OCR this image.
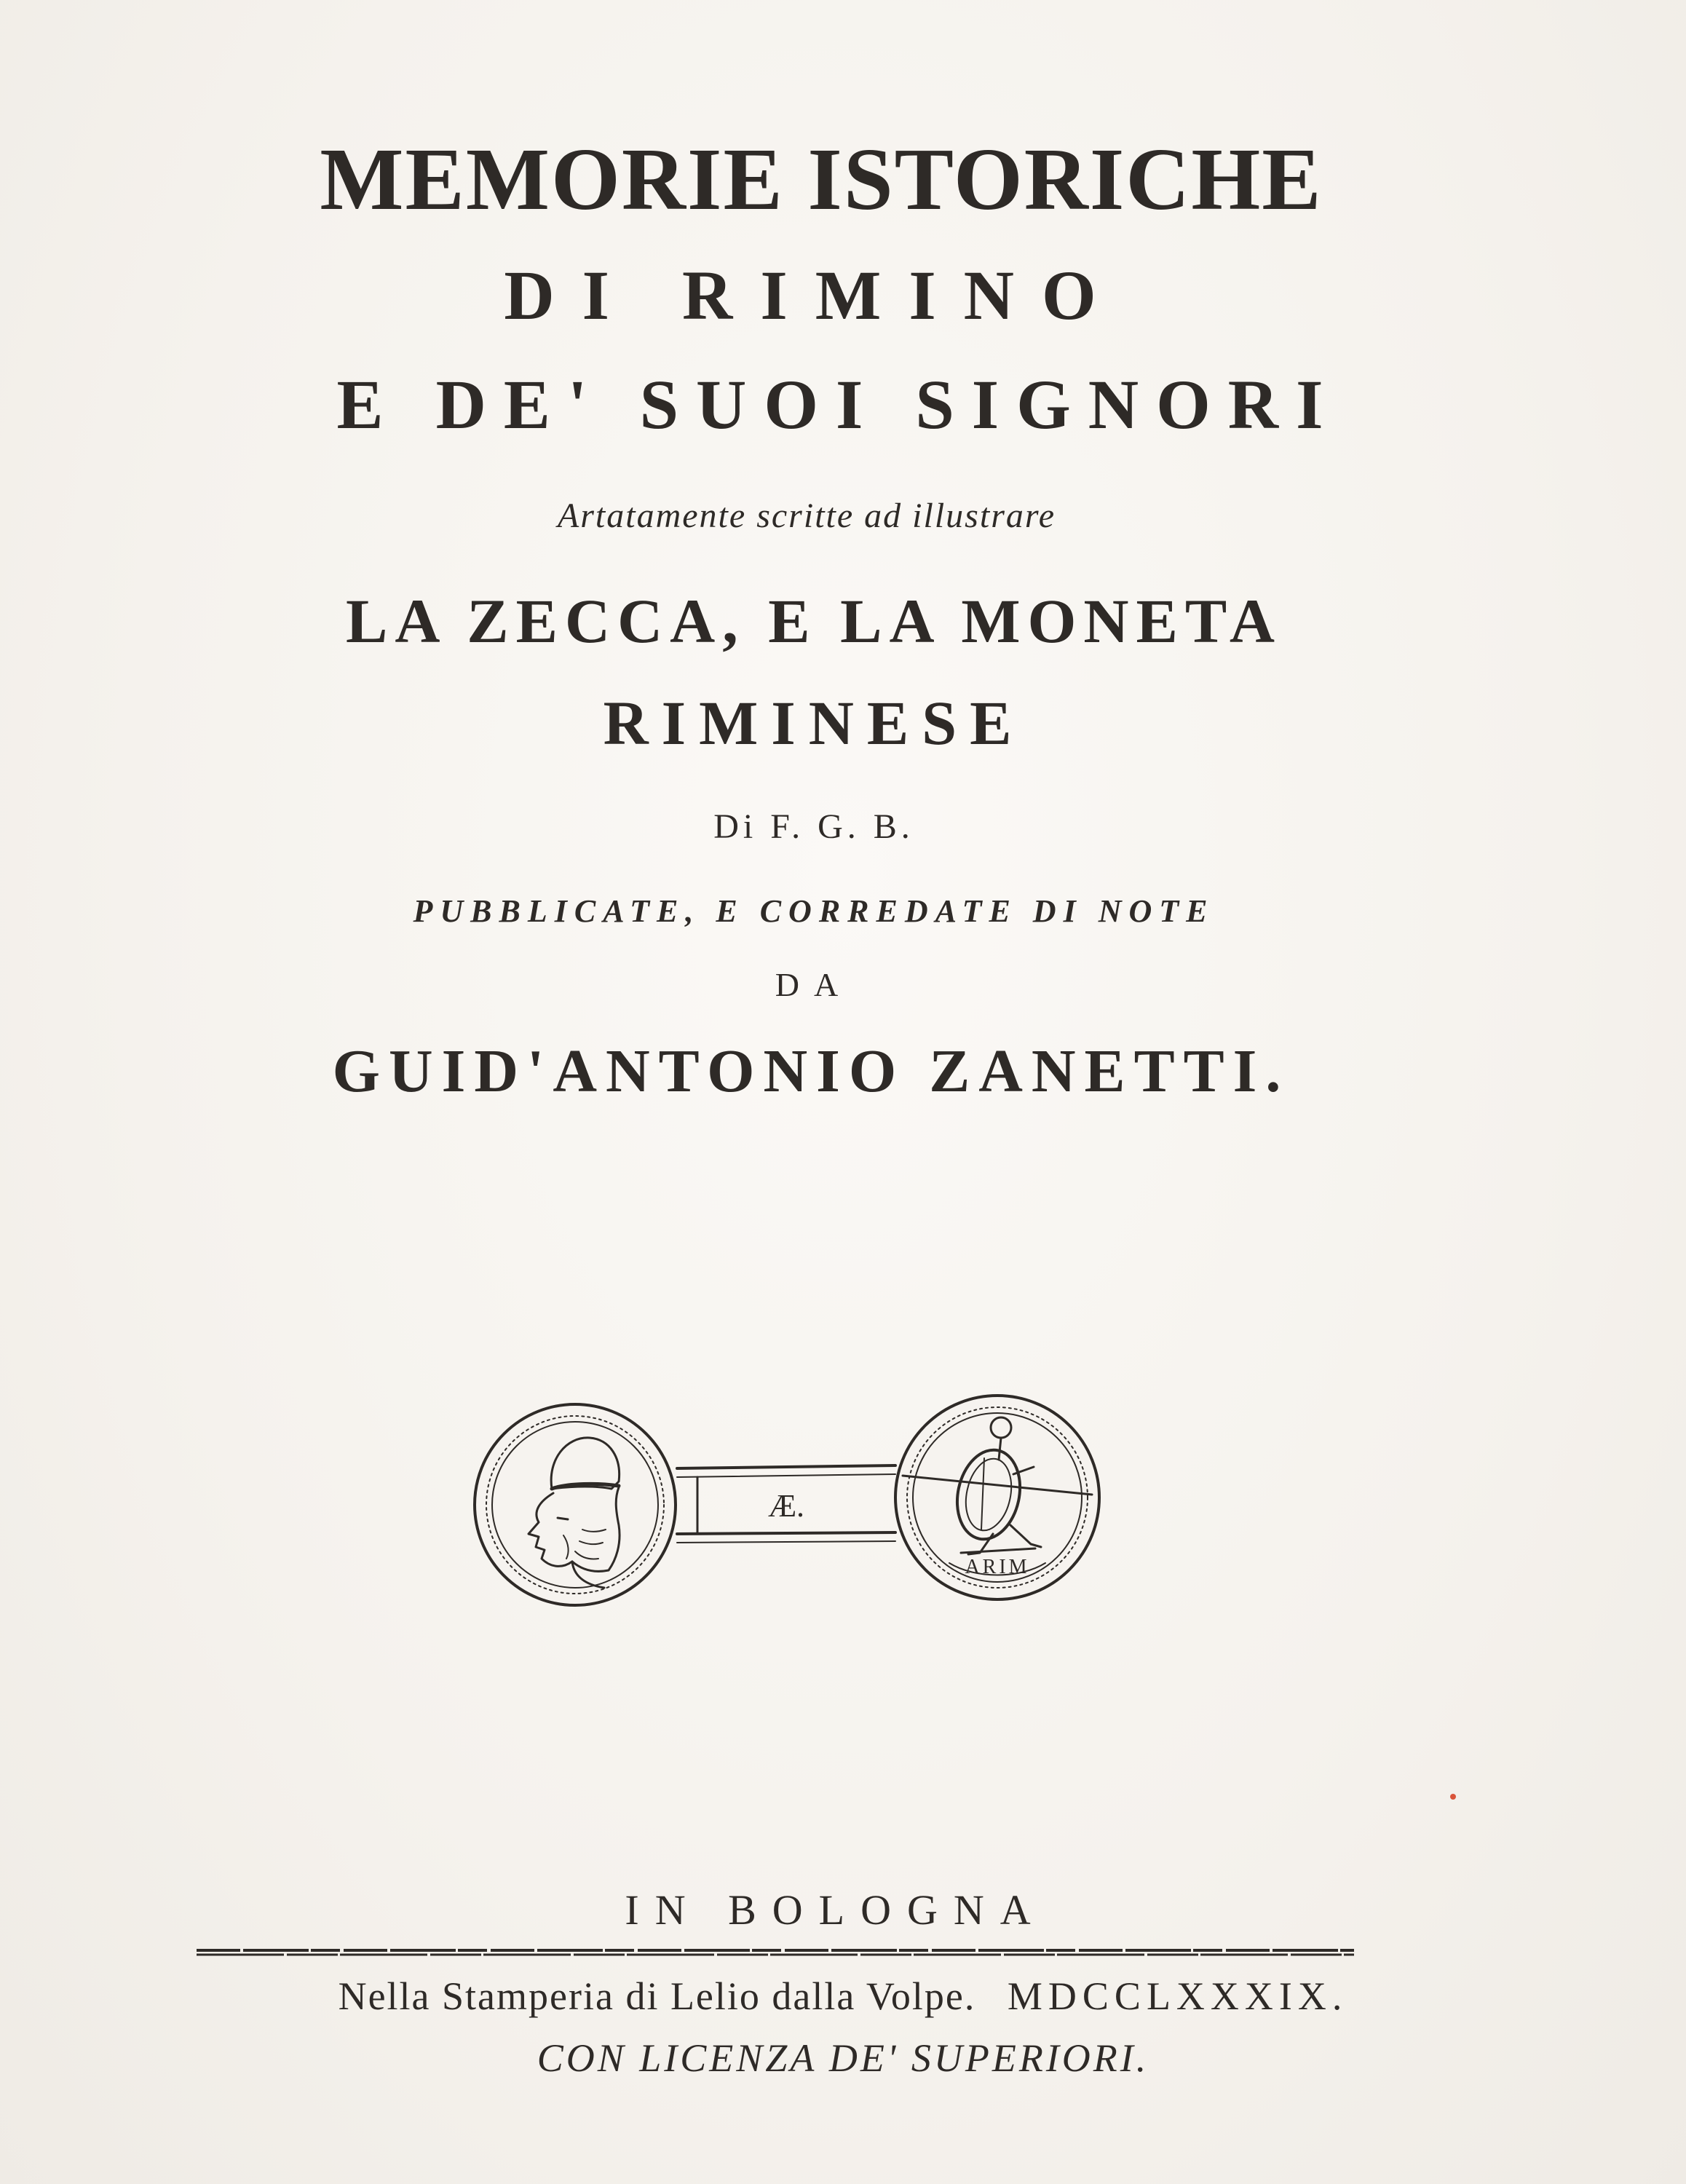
MEMORIE ISTORICHE
DI RIMINO
E DE' SUOI SIGNORI
Artatamente scritte ad illustrare
LA ZECCA, E LA MONETA
RIMINESE
Di F. G. B.
PUBBLICATE, E CORREDATE DI NOTE
DA
GUID'ANTONIO ZANETTI.
Æ.
ARIM
IN BOLOGNA
Nella Stamperia di Lelio dalla Volpe. MDCCLXXXIX.
CON LICENZA DE' SUPERIORI.
